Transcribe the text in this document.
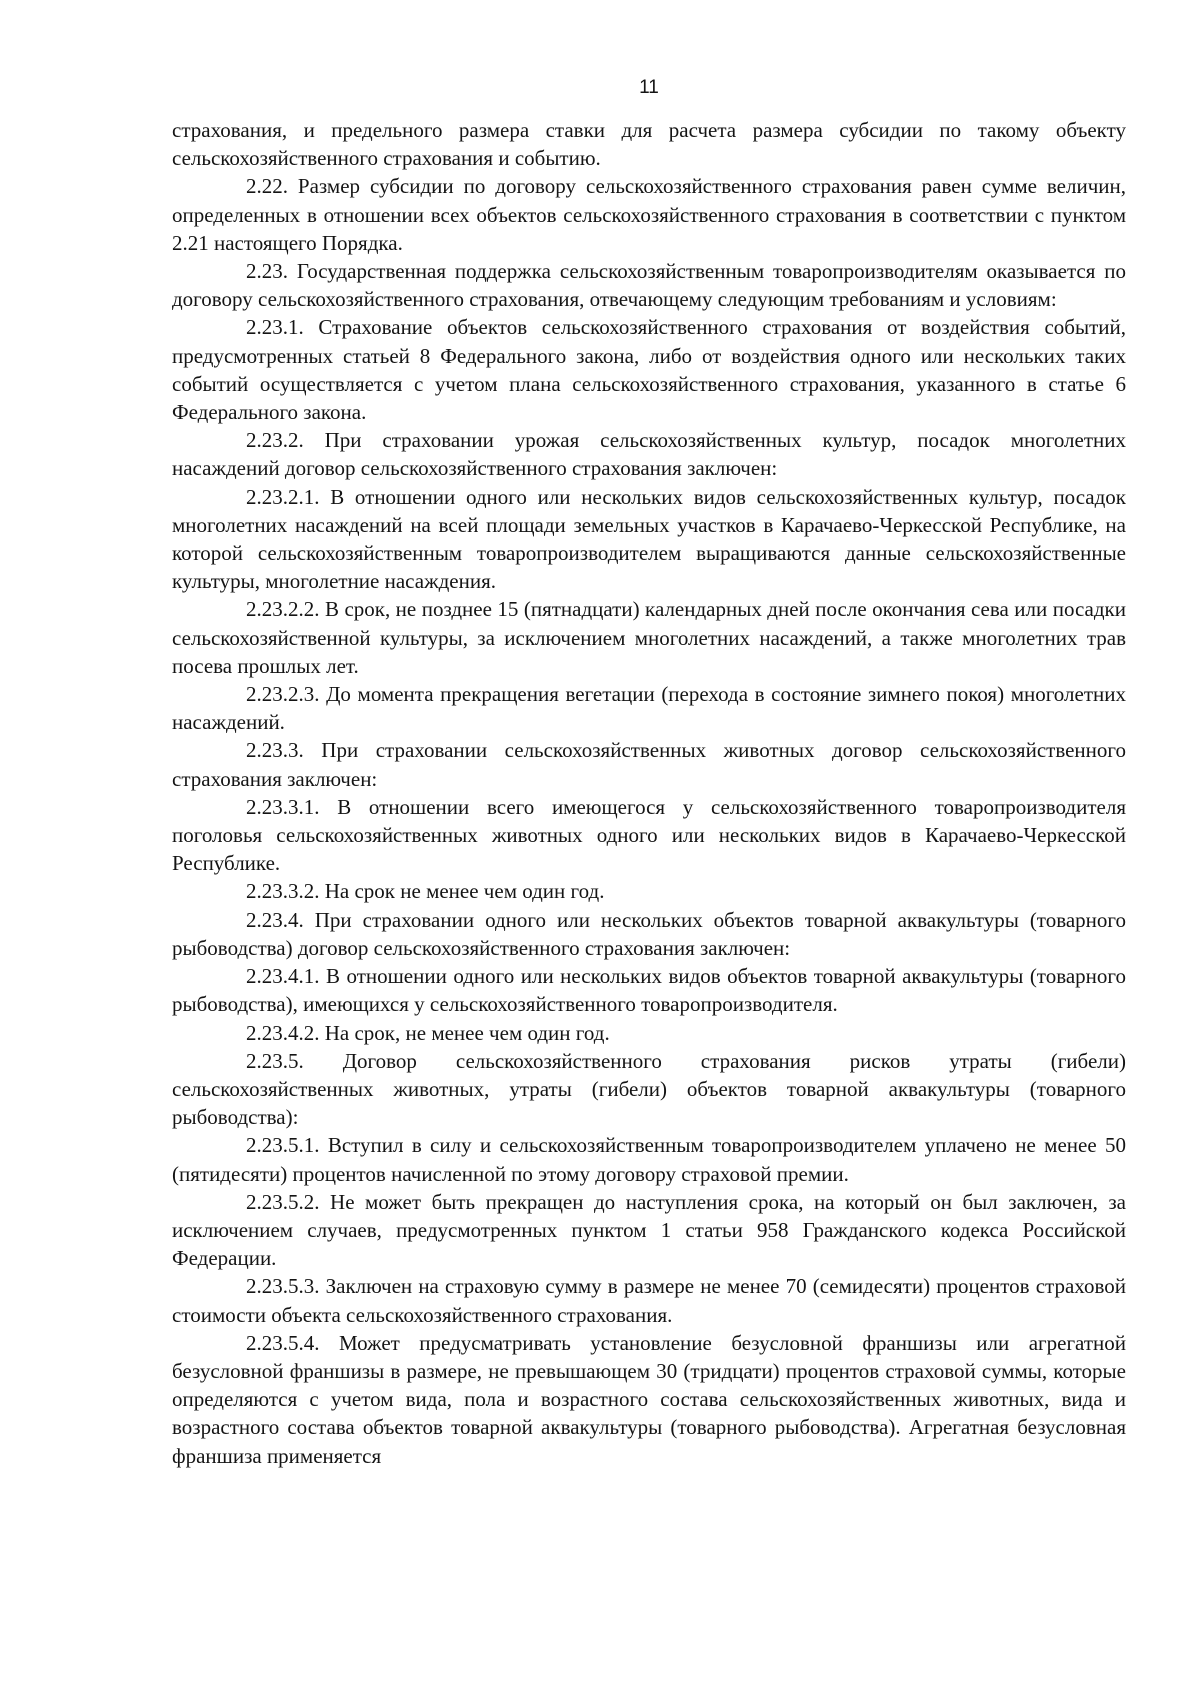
11

страхования, и предельного размера ставки для расчета размера субсидии по такому объекту сельскохозяйственного страхования и событию.

2.22. Размер субсидии по договору сельскохозяйственного страхования равен сумме величин, определенных в отношении всех объектов сельскохозяйственного страхования в соответствии с пунктом 2.21 настоящего Порядка.

2.23. Государственная поддержка сельскохозяйственным товаропроизводителям оказывается по договору сельскохозяйственного страхования, отвечающему следующим требованиям и условиям:

2.23.1. Страхование объектов сельскохозяйственного страхования от воздействия событий, предусмотренных статьей 8 Федерального закона, либо от воздействия одного или нескольких таких событий осуществляется с учетом плана сельскохозяйственного страхования, указанного в статье 6 Федерального закона.

2.23.2. При страховании урожая сельскохозяйственных культур, посадок многолетних насаждений договор сельскохозяйственного страхования заключен:

2.23.2.1. В отношении одного или нескольких видов сельскохозяйственных культур, посадок многолетних насаждений на всей площади земельных участков в Карачаево-Черкесской Республике, на которой сельскохозяйственным товаропроизводителем выращиваются данные сельскохозяйственные культуры, многолетние насаждения.

2.23.2.2. В срок, не позднее 15 (пятнадцати) календарных дней после окончания сева или посадки сельскохозяйственной культуры, за исключением многолетних насаждений, а также многолетних трав посева прошлых лет.

2.23.2.3. До момента прекращения вегетации (перехода в состояние зимнего покоя) многолетних насаждений.

2.23.3. При страховании сельскохозяйственных животных договор сельскохозяйственного страхования заключен:

2.23.3.1. В отношении всего имеющегося у сельскохозяйственного товаропроизводителя поголовья сельскохозяйственных животных одного или нескольких видов в Карачаево-Черкесской Республике.

2.23.3.2. На срок не менее чем один год.

2.23.4. При страховании одного или нескольких объектов товарной аквакультуры (товарного рыбоводства) договор сельскохозяйственного страхования заключен:

2.23.4.1. В отношении одного или нескольких видов объектов товарной аквакультуры (товарного рыбоводства), имеющихся у сельскохозяйственного товаропроизводителя.

2.23.4.2. На срок, не менее чем один год.

2.23.5. Договор сельскохозяйственного страхования рисков утраты (гибели) сельскохозяйственных животных, утраты (гибели) объектов товарной аквакультуры (товарного рыбоводства):

2.23.5.1. Вступил в силу и сельскохозяйственным товаропроизводителем уплачено не менее 50 (пятидесяти) процентов начисленной по этому договору страховой премии.

2.23.5.2. Не может быть прекращен до наступления срока, на который он был заключен, за исключением случаев, предусмотренных пунктом 1 статьи 958 Гражданского кодекса Российской Федерации.

2.23.5.3. Заключен на страховую сумму в размере не менее 70 (семидесяти) процентов страховой стоимости объекта сельскохозяйственного страхования.

2.23.5.4. Может предусматривать установление безусловной франшизы или агрегатной безусловной франшизы в размере, не превышающем 30 (тридцати) процентов страховой суммы, которые определяются с учетом вида, пола и возрастного состава сельскохозяйственных животных, вида и возрастного состава объектов товарной аквакультуры (товарного рыбоводства). Агрегатная безусловная франшиза применяется
